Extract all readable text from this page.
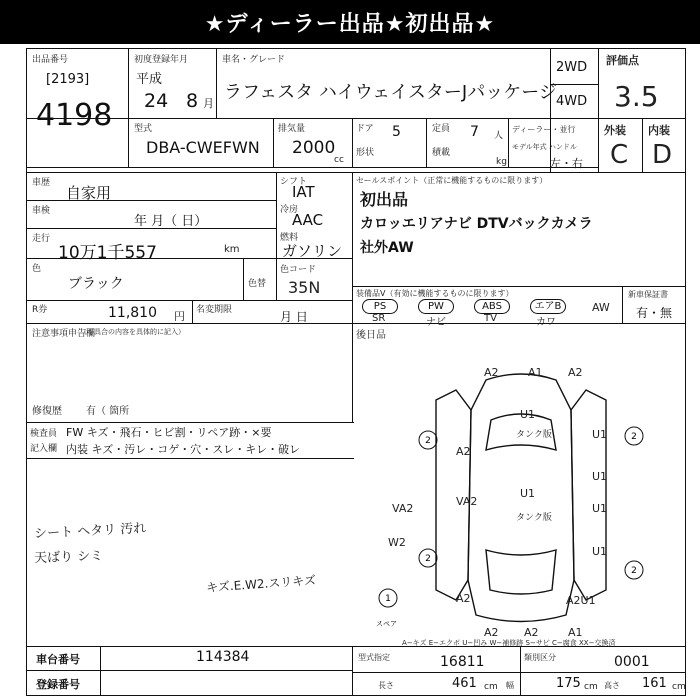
★ディーラー出品★初出品★
出品番号
[2193]
4198
初度登録年月
平成
24 8 月
車名・グレード
ラフェスタ ハイウェイスターJパッケージ
2WD
4WD
評価点
3.5
外装 内装
C D
型式
DBA-CWEFWN
排気量
2000
cc
ドア 5
形状
定員 7 人
積載
kg
ディーラー・並行
モデル年式 ハンドル
左・右
車歴
自家用
車検
年 月（ 日）
走行
10万1千557	km
色
ブラック	色替
シフト
IAT
冷房
AAC
燃料
ガソリン
色コード
35N
R券	11,810 円 名変期限	月 日
セールスポイント（正常に機能するものに限ります）
初出品
カロッエリアナビ DTVバックカメラ
社外AW
装備品V（有効に機能するものに限ります）
PS	PW	ABS	エアB	AW
SR	ナビ	TV	カワ
新車保証書
有・無
注意事項申告欄
（不具合の内容を具体的に記入）
修復歴 有（ 箇所
後日品
検査員
記入欄
FW キズ・飛石・ヒビ割・リペア跡・×要
内装 キズ・汚レ・コゲ・穴・スレ・キレ・破レ
シート ヘタリ 汚れ
天ばり シミ
キズ.E.W2.スリキズ
2	2
2
2
1
A2	A1 A2
U1
タンク版	U1
U1
A2
VA2
U1
タンク版
U1
VA2
W2
U1
A2	A2U1
A2 A2	A1
スペア
A−キズ E−エクボ U−凹み W−補修跡 S−サビ C−腐食 XX−交換済
車台番号	114384
登録番号
型式指定	16811	類別区分	0001
長さ	461 cm 幅	175 cm 高さ 161 cm
